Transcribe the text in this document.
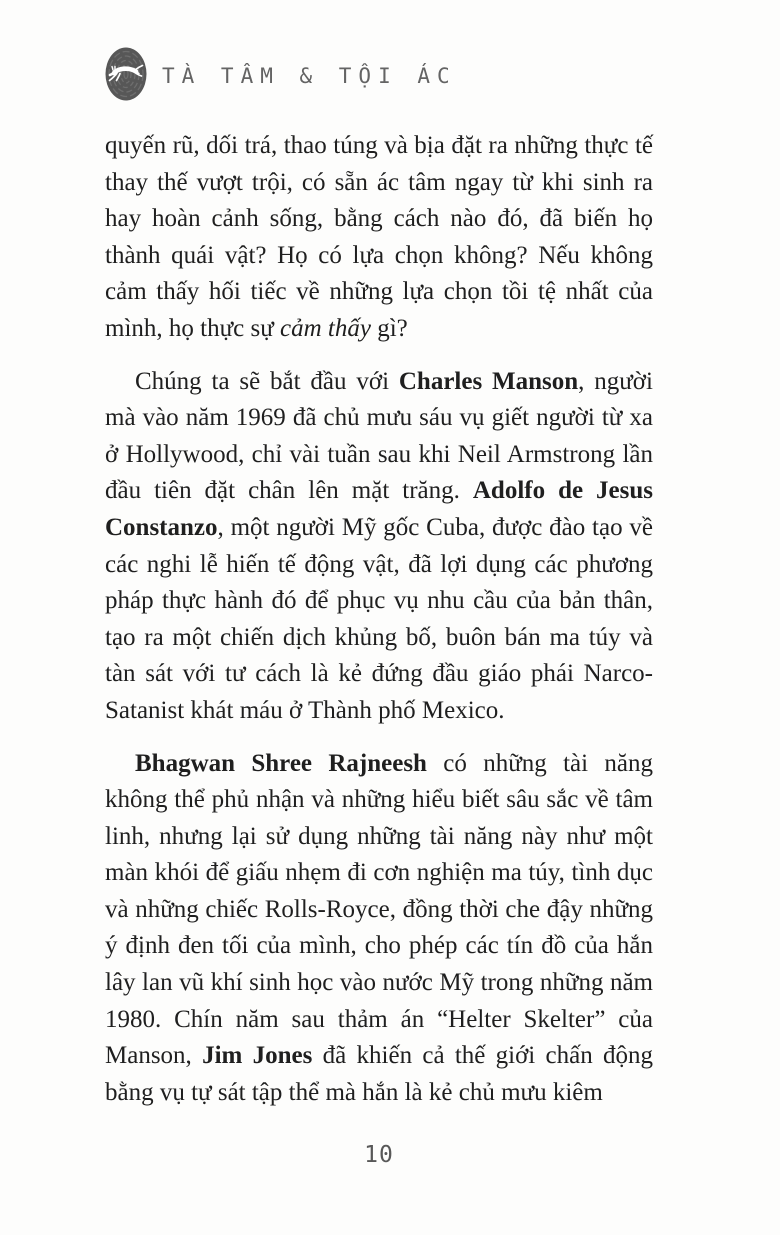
TÀ TÂM & TỘI ÁC

quyến rũ, dối trá, thao túng và bịa đặt ra những thực tế thay thế vượt trội, có sẵn ác tâm ngay từ khi sinh ra hay hoàn cảnh sống, bằng cách nào đó, đã biến họ thành quái vật? Họ có lựa chọn không? Nếu không cảm thấy hối tiếc về những lựa chọn tồi tệ nhất của mình, họ thực sự cảm thấy gì?

Chúng ta sẽ bắt đầu với Charles Manson, người mà vào năm 1969 đã chủ mưu sáu vụ giết người từ xa ở Hollywood, chỉ vài tuần sau khi Neil Armstrong lần đầu tiên đặt chân lên mặt trăng. Adolfo de Jesus Constanzo, một người Mỹ gốc Cuba, được đào tạo về các nghi lễ hiến tế động vật, đã lợi dụng các phương pháp thực hành đó để phục vụ nhu cầu của bản thân, tạo ra một chiến dịch khủng bố, buôn bán ma túy và tàn sát với tư cách là kẻ đứng đầu giáo phái Narco-Satanist khát máu ở Thành phố Mexico.

Bhagwan Shree Rajneesh có những tài năng không thể phủ nhận và những hiểu biết sâu sắc về tâm linh, nhưng lại sử dụng những tài năng này như một màn khói để giấu nhẹm đi cơn nghiện ma túy, tình dục và những chiếc Rolls-Royce, đồng thời che đậy những ý định đen tối của mình, cho phép các tín đồ của hắn lây lan vũ khí sinh học vào nước Mỹ trong những năm 1980. Chín năm sau thảm án “Helter Skelter” của Manson, Jim Jones đã khiến cả thế giới chấn động bằng vụ tự sát tập thể mà hắn là kẻ chủ mưu kiêm

10
